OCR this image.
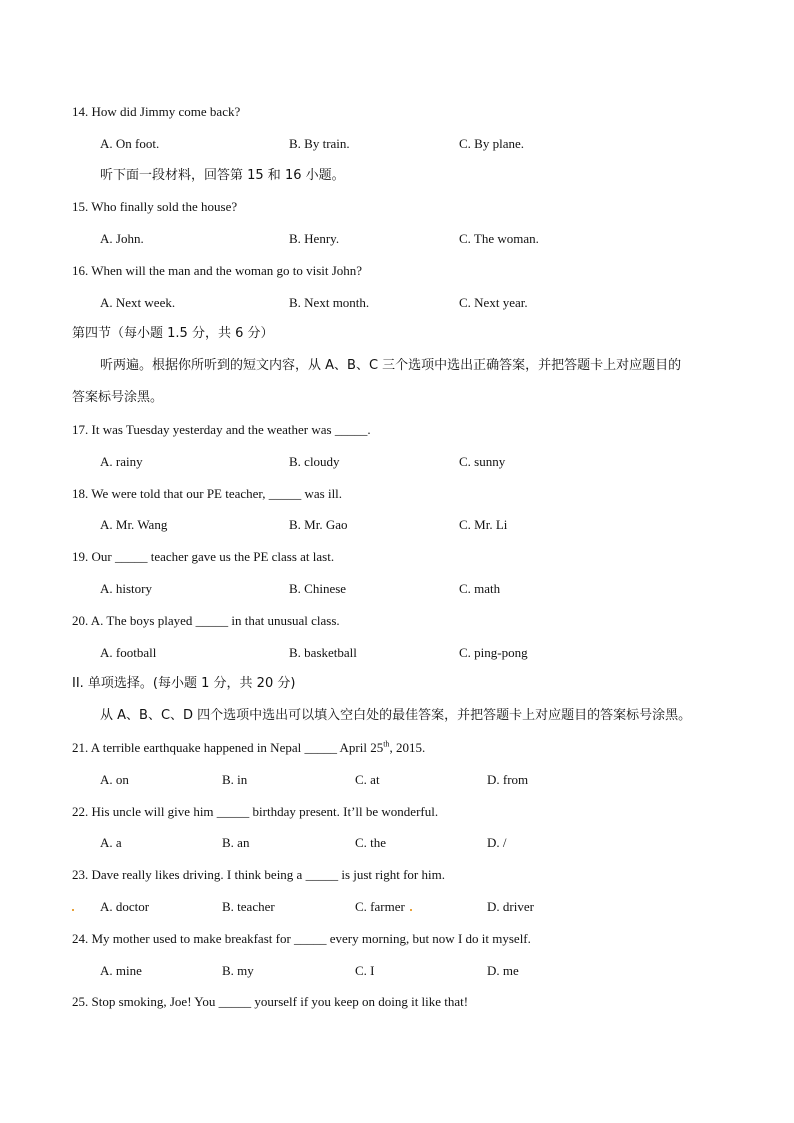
14. How did Jimmy come back?
A. On foot.	B. By train.	C. By plane.
听下面一段材料，回答第 15 和 16 小题。
15. Who finally sold the house?
A. John.	B. Henry.	C. The woman.
16. When will the man and the woman go to visit John?
A. Next week.	B. Next month.	C. Next year.
第四节（每小题 1.5 分，共 6 分）
听两遍。根据你所听到的短文内容，从 A、B、C 三个选项中选出正确答案，并把答题卡上对应题目的
答案标号涂黑。
17. It was Tuesday yesterday and the weather was _____.
A. rainy	B. cloudy	C. sunny
18. We were told that our PE teacher, _____ was ill.
A. Mr. Wang	B. Mr. Gao	C. Mr. Li
19. Our _____ teacher gave us the PE class at last.
A. history	B. Chinese	C. math
20. A. The boys played _____ in that unusual class.
A. football	B. basketball	C. ping-pong
II. 单项选择。(每小题 1 分，共 20 分)
从 A、B、C、D 四个选项中选出可以填入空白处的最佳答案，并把答题卡上对应题目的答案标号涂黑。
21. A terrible earthquake happened in Nepal _____ April 25th, 2015.
A. on	B. in	C. at	D. from
22. His uncle will give him _____ birthday present. It’ll be wonderful.
A. a	B. an	C. the	D. /
23. Dave really likes driving. I think being a _____ is just right for him.
A. doctor	B. teacher	C. farmer	D. driver
24. My mother used to make breakfast for _____ every morning, but now I do it myself.
A. mine	B. my	C. I	D. me
25. Stop smoking, Joe! You _____ yourself if you keep on doing it like that!
